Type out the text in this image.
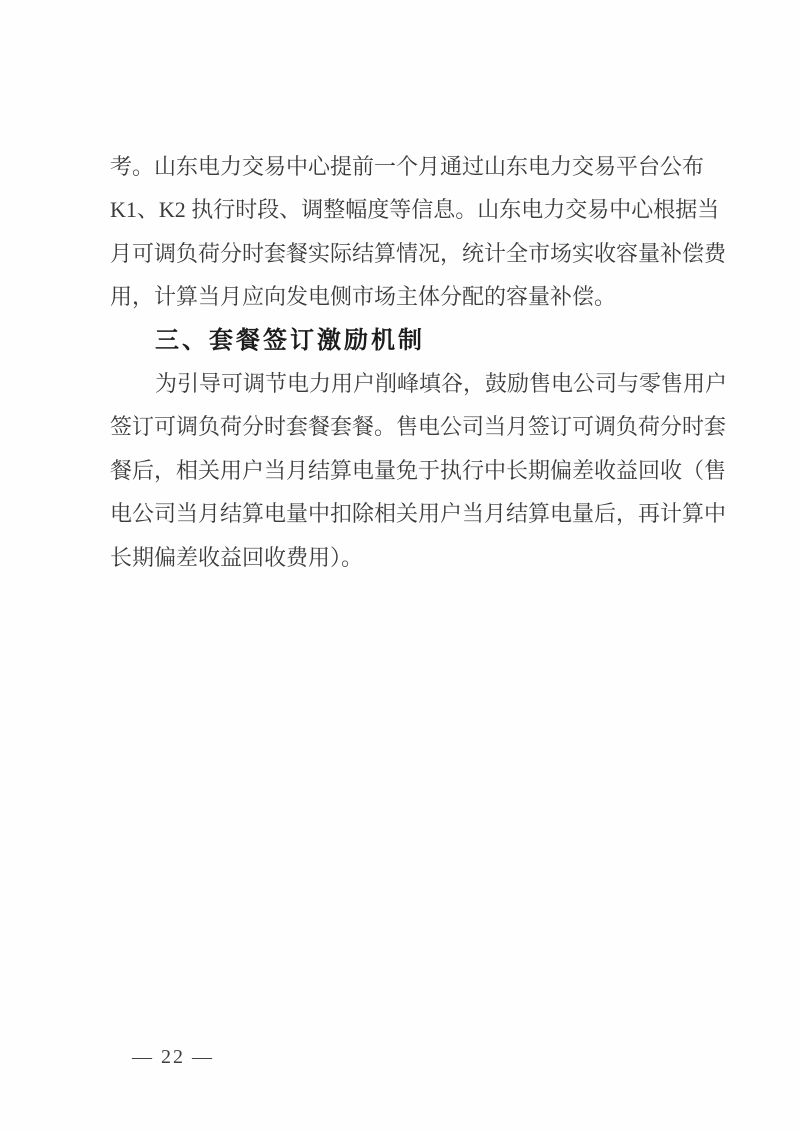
考。山东电力交易中心提前一个月通过山东电力交易平台公布
K1、K2 执行时段、调整幅度等信息。山东电力交易中心根据当
月可调负荷分时套餐实际结算情况，统计全市场实收容量补偿费
用，计算当月应向发电侧市场主体分配的容量补偿。
三、套餐签订激励机制
为引导可调节电力用户削峰填谷，鼓励售电公司与零售用户
签订可调负荷分时套餐套餐。售电公司当月签订可调负荷分时套
餐后，相关用户当月结算电量免于执行中长期偏差收益回收（售
电公司当月结算电量中扣除相关用户当月结算电量后，再计算中
长期偏差收益回收费用）。
— 22 —
